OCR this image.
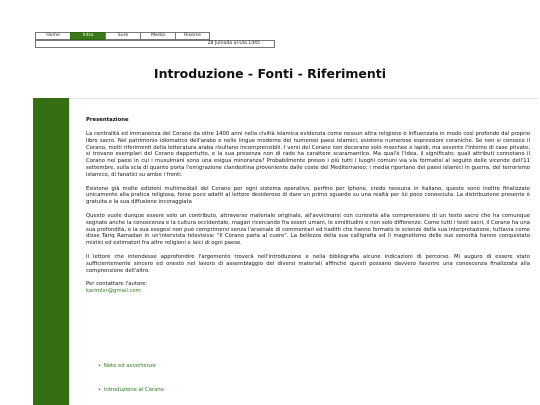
Home	Intro	Sure	Media	Risorse
28 Jumada al-Ula 1445
Introduzione - Fonti - Riferimenti
Presentazione

La centralità ed immanenza del Corano da oltre 1400 anni nella civiltà islamica evidenzia come nessun altra religione è influenzata in modo così profondo dal proprio libro sacro. Nel patrimonio idiomatico dell'arabo e nelle lingue moderne dei numerosi paesi islamici, esistono numerose espressioni coraniche. Se non si conosce il Corano, molti riferimenti della letteratura araba risultano incomprensibili. I versi del Corano non decorano solo moschee e lapidi, ma sovente l'interno di case private; si trovano esemplari del Corano dappertutto, e la sua presenza non di rado ha carattere scaramantico. Ma qual'è l'idea, il significato; quali attributi connotano il Corano nei paesi in cui i musulmani sono una esigua minoranza? Probabilmente presso i più tutti i luoghi comuni via via formatisi al seguito delle vicende dell'11 settembre, sulla scia di quanto porta l'emigrazione clandestina proveniente dalle coste del Mediterraneo; i media riportano dei paesi islamici in guerra, del terrorismo islamico, di fanatici su ambo i fronti.

Esistono già molte edizioni multimediali del Corano per ogni sistema operativo, perfino per Iphone, credo nessuna in italiano, queste sono inoltre finalizzate unicamente alla pratica religiosa, forse poco adatti al lettore desideroso di dare un primo sguardo su una realtà per lui poco conosciuta. La distribuzione presente è gratuita e la sua diffusione incoraggiata

Questo vuole dunque essere solo un contributo, attraverso materiale originale, all'avvicinarsi con curiosità alla comprensione di un testo sacro che ha comunque segnato anche la conoscenza e la cultura occidentale, magari ricercando fra esseri umani, le similitudini e non solo differenze. Come tutti i testi sacri, il Corano ha una sua profondità, e la sua esegesi non può comprimersi senza l'arsenale di commentari ed hadith che hanno formato le scienze della sua interpretazione, tuttavia come disse Tariq Ramadan in un'intervista televisiva: "Il Corano parla al cuore". La bellezza della sua calligrafia ed il magnetismo delle sue sonorità hanno conquistato mistici ed estimatori fra altre religioni e laici di ogni paese.

Il lettore che intendesse approfondire l'argomento troverà nell'introduzione e nella bibliografia alcune indicazioni di percorso. Mi auguro di essere stato sufficientemente sincero ed onesto nel lavoro di assemblaggio dei diversi materiali affinché questi possano davvero favorire una conoscenza finalizzata alla comprensione dell'altro.

Per contattare l'autore:
karimlxr@gmail.com
• Note ed avvertenze
• Introduzione al Corano
